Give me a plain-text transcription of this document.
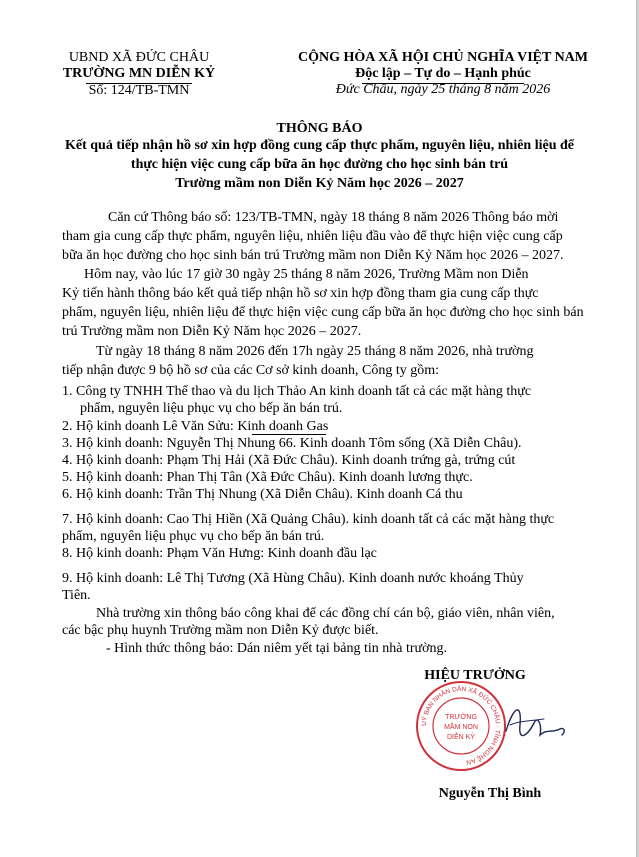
UBND XÃ ĐỨC CHÂU
TRƯỜNG MN DIỄN KỶ
Số: 124/TB-TMN
CỘNG HÒA XÃ HỘI CHỦ NGHĨA VIỆT NAM
Độc lập – Tự do – Hạnh phúc
Đức Châu, ngày 25 tháng 8 năm 2026
THÔNG BÁO
Kết quả tiếp nhận hồ sơ xin hợp đồng cung cấp thực phẩm, nguyên liệu, nhiên liệu để
thực hiện việc cung cấp bữa ăn học đường cho học sinh bán trú
Trường mầm non Diễn Kỷ Năm học 2026 – 2027
Căn cứ Thông báo số: 123/TB-TMN, ngày 18 tháng 8 năm 2026 Thông báo mời
tham gia cung cấp thực phẩm, nguyên liệu, nhiên liệu đầu vào để thực hiện việc cung cấp
bữa ăn học đường cho học sinh bán trú Trường mầm non Diễn Kỷ Năm học 2026 – 2027.
Hôm nay, vào lúc 17 giờ 30 ngày 25 tháng 8 năm 2026, Trường Mầm non Diễn
Kỷ tiến hành thông báo kết quả tiếp nhận hồ sơ xin hợp đồng tham gia cung cấp thực
phẩm, nguyên liệu, nhiên liệu để thực hiện việc cung cấp bữa ăn học đường cho học sinh bán
trú Trường mầm non Diễn Kỷ Năm học 2026 – 2027.
Từ ngày 18 tháng 8 năm 2026 đến 17h ngày 25 tháng 8 năm 2026, nhà trường
tiếp nhận được 9 bộ hồ sơ của các Cơ sở kinh doanh, Công ty gồm:
1. Công ty TNHH Thể thao và du lịch Thảo An kinh doanh tất cả các mặt hàng thực
phẩm, nguyên liệu phục vụ cho bếp ăn bán trú.
2. Hộ kinh doanh Lê Văn Sửu: Kinh doanh Gas
3. Hộ kinh doanh: Nguyễn Thị Nhung 66. Kinh doanh Tôm sống (Xã Diễn Châu).
4. Hộ kinh doanh: Phạm Thị Hải (Xã Đức Châu). Kinh doanh trứng gà, trứng cút
5. Hộ kinh doanh: Phan Thị Tân (Xã Đức Châu). Kinh doanh lương thực.
6. Hộ kinh doanh: Trần Thị Nhung (Xã Diễn Châu). Kinh doanh Cá thu
7. Hộ kinh doanh: Cao Thị Hiền (Xã Quảng Châu). kinh doanh tất cả các mặt hàng thực
phẩm, nguyên liệu phục vụ cho bếp ăn bán trú.
8. Hộ kinh doanh: Phạm Văn Hưng: Kinh doanh đầu lạc
9. Hộ kinh doanh: Lê Thị Tương (Xã Hùng Châu). Kinh doanh nước khoáng Thủy
Tiên.
Nhà trường xin thông báo công khai để các đồng chí cán bộ, giáo viên, nhân viên,
các bậc phụ huynh Trường mầm non Diễn Kỷ được biết.
- Hình thức thông báo: Dán niêm yết tại bảng tin nhà trường.
HIỆU TRƯỞNG
UỶ BAN NHÂN DÂN XÃ ĐỨC CHÂU · TỈNH NGHỆ AN
TRƯỜNG
MẦM NON
DIỄN KỶ
Nguyễn Thị Bình
